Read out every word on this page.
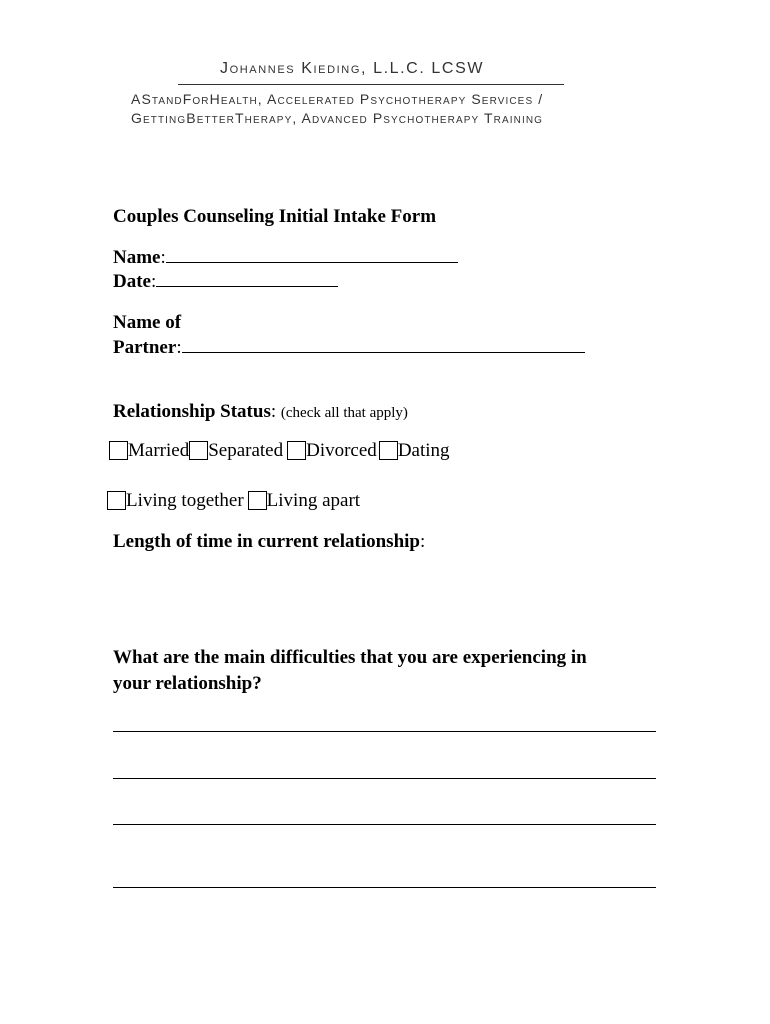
Johannes Kieding, L.L.C. LCSW
AStandForHealth, Accelerated Psychotherapy Services /
GettingBetterTherapy, Advanced Psychotherapy Training
Couples Counseling Initial Intake Form
Name:
Date:
Name of
Partner:
Relationship Status: (check all that apply)
Married Separated Divorced Dating
Living together Living apart
Length of time in current relationship:
What are the main difficulties that you are experiencing in
your relationship?
